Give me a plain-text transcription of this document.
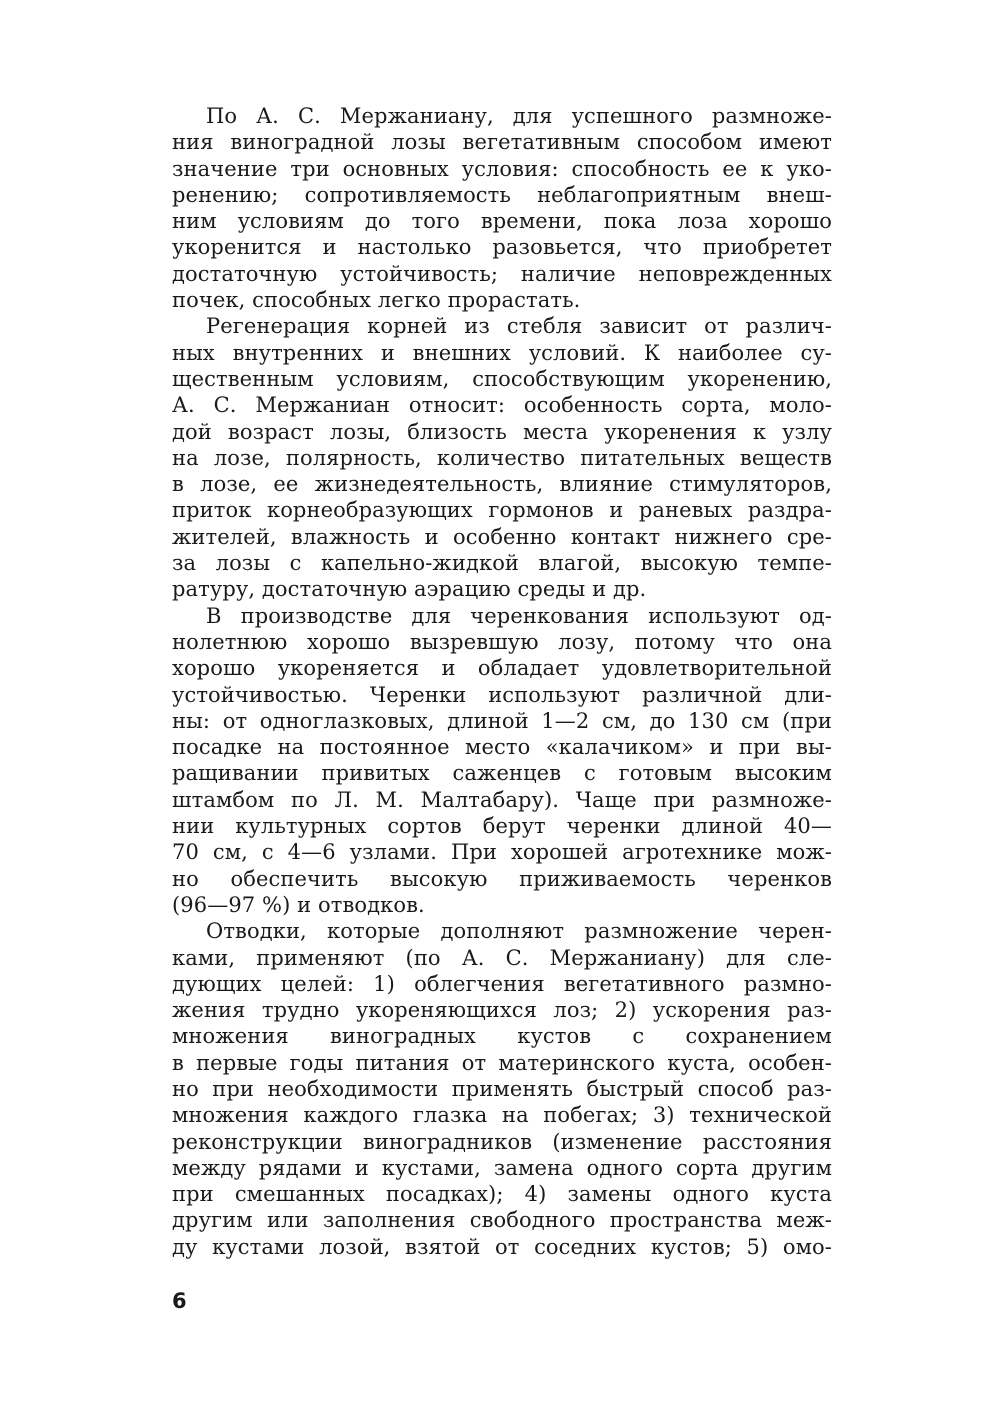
По А. С. Мержаниану, для успешного размноже-
ния виноградной лозы вегетативным способом имеют
значение три основных условия: способность ее к уко-
ренению; сопротивляемость неблагоприятным внеш-
ним условиям до того времени, пока лоза хорошо
укоренится и настолько разовьется, что приобретет
достаточную устойчивость; наличие неповрежденных
почек, способных легко прорастать.
Регенерация корней из стебля зависит от различ-
ных внутренних и внешних условий. К наиболее су-
щественным условиям, способствующим укоренению,
А. С. Мержаниан относит: особенность сорта, моло-
дой возраст лозы, близость места укоренения к узлу
на лозе, полярность, количество питательных веществ
в лозе, ее жизнедеятельность, влияние стимуляторов,
приток корнеобразующих гормонов и раневых раздра-
жителей, влажность и особенно контакт нижнего сре-
за лозы с капельно-жидкой влагой, высокую темпе-
ратуру, достаточную аэрацию среды и др.
В производстве для черенкования используют од-
нолетнюю хорошо вызревшую лозу, потому что она
хорошо укореняется и обладает удовлетворительной
устойчивостью. Черенки используют различной дли-
ны: от одноглазковых, длиной 1—2 см, до 130 см (при
посадке на постоянное место «калачиком» и при вы-
ращивании привитых саженцев с готовым высоким
штамбом по Л. М. Малтабару). Чаще при размноже-
нии культурных сортов берут черенки длиной 40—
70 см, с 4—6 узлами. При хорошей агротехнике мож-
но обеспечить высокую приживаемость черенков
(96—97 %) и отводков.
Отводки, которые дополняют размножение черен-
ками, применяют (по А. С. Мержаниану) для сле-
дующих целей: 1) облегчения вегетативного размно-
жения трудно укореняющихся лоз; 2) ускорения раз-
множения виноградных кустов с сохранением
в первые годы питания от материнского куста, особен-
но при необходимости применять быстрый способ раз-
множения каждого глазка на побегах; 3) технической
реконструкции виноградников (изменение расстояния
между рядами и кустами, замена одного сорта другим
при смешанных посадках); 4) замены одного куста
другим или заполнения свободного пространства меж-
ду кустами лозой, взятой от соседних кустов; 5) омо-
6
